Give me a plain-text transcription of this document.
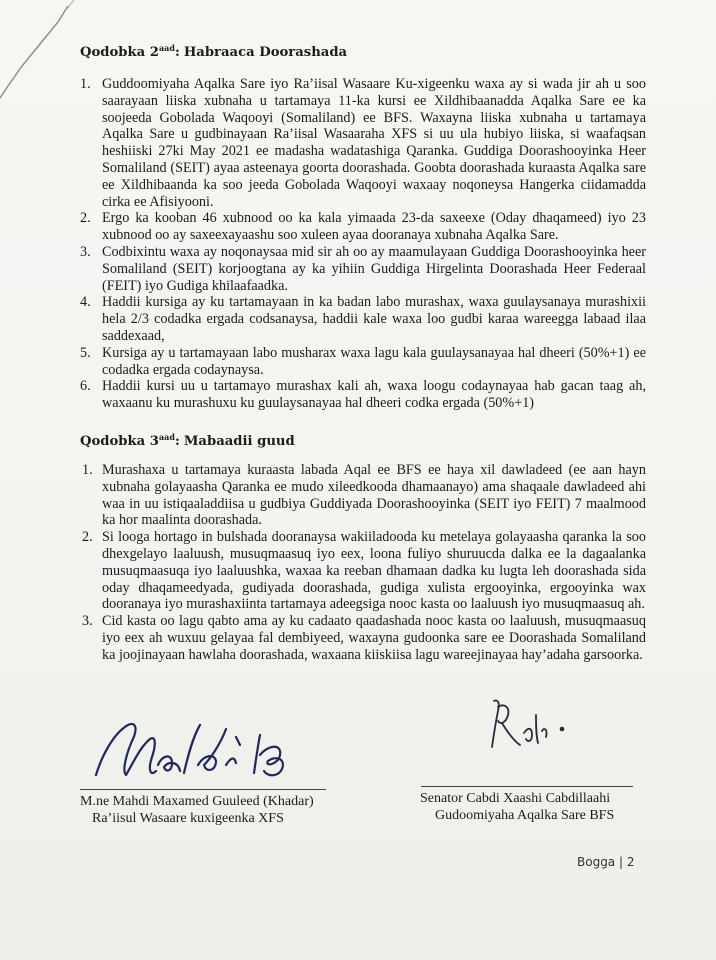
Qodobka $2^{aad}$: Habraaca Doorashada
1. Guddoomiyaha Aqalka Sare iyo Ra’iisal Wasaare Ku-xigeenku waxa ay si wada jir ah u soo saarayaan liiska xubnaha u tartamaya 11-ka kursi ee Xildhibaanadda Aqalka Sare ee ka soojeeda Gobolada Waqooyi (Somaliland) ee BFS. Waxayna liiska xubnaha u tartamaya Aqalka Sare u gudbinayaan Ra’iisal Wasaaraha XFS si uu ula hubiyo liiska, si waafaqsan heshiiski 27ki May 2021 ee madasha wadatashiga Qaranka. Guddiga Doorashooyinka Heer Somaliland (SEIT) ayaa asteenaya goorta doorashada. Goobta doorashada kuraasta Aqalka sare ee Xildhibaanda ka soo jeeda Gobolada Waqooyi waxaay noqoneysa Hangerka ciidamadda cirka ee Afisiyooni.
2. Ergo ka kooban 46 xubnood oo ka kala yimaada 23-da saxeexe (Oday dhaqameed) iyo 23 xubnood oo ay saxeexayaashu soo xuleen ayaa dooranaya xubnaha Aqalka Sare.
3. Codbixintu waxa ay noqonaysaa mid sir ah oo ay maamulayaan Guddiga Doorashooyinka heer Somaliland (SEIT) korjoogtana ay ka yihiin Guddiga Hirgelinta Doorashada Heer Federaal (FEIT) iyo Gudiga khilaafaadka.
4. Haddii kursiga ay ku tartamayaan in ka badan labo murashax, waxa guulaysanaya murashixii hela 2/3 codadka ergada codsanaysa, haddii kale waxa loo gudbi karaa wareegga labaad ilaa saddexaad,
5. Kursiga ay u tartamayaan labo musharax waxa lagu kala guulaysanayaa hal dheeri (50%+1) ee codadka ergada codaynaysa.
6. Haddii kursi uu u tartamayo murashax kali ah, waxa loogu codaynayaa hab gacan taag ah, waxaanu ku murashuxu ku guulaysanayaa hal dheeri codka ergada (50%+1)
Qodobka $3^{aad}$: Mabaadii guud
1. Murashaxa u tartamaya kuraasta labada Aqal ee BFS ee haya xil dawladeed (ee aan hayn xubnaha golayaasha Qaranka ee mudo xileedkooda dhamaanayo) ama shaqaale dawladeed ahi waa in uu istiqaaladdiisa u gudbiya Guddiyada Doorashooyinka (SEIT iyo FEIT) 7 maalmood ka hor maalinta doorashada.
2. Si looga hortago in bulshada dooranaysa wakiiladooda ku metelaya golayaasha qaranka la soo dhexgelayo laaluush, musuqmaasuq iyo eex, loona fuliyo shuruucda dalka ee la dagaalanka musuqmaasuqa iyo laaluushka, waxaa ka reeban dhamaan dadka ku lugta leh doorashada sida oday dhaqameedyada, gudiyada doorashada, gudiga xulista ergooyinka, ergooyinka wax dooranaya iyo murashaxiinta tartamaya adeegsiga nooc kasta oo laaluush iyo musuqmaasuq ah.
3. Cid kasta oo lagu qabto ama ay ku cadaato qaadashada nooc kasta oo laaluush, musuqmaasuq iyo eex ah wuxuu gelayaa fal dembiyeed, waxayna gudoonka sare ee Doorashada Somaliland ka joojinayaan hawlaha doorashada, waxaana kiiskiisa lagu wareejinayaa hay’adaha garsoorka.
M.ne Mahdi Maxamed Guuleed (Khadar)
Ra’iisul Wasaare kuxigeenka XFS
Senator Cabdi Xaashi Cabdillaahi
Gudoomiyaha Aqalka Sare BFS
Bogga | 2
